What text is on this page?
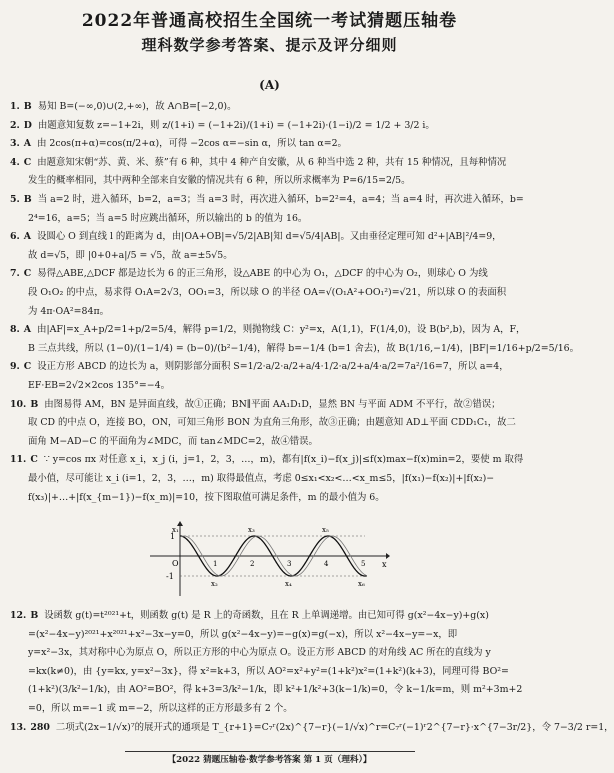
2022年普通高校招生全国统一考试猜题压轴卷
理科数学参考答案、提示及评分细则
(A)
1. B 易知 B=(−∞,0)∪(2,+∞)，故 A∩B=[−2,0)。
2. D 由题意知复数 z=−1+2i，则 z/(1+i) = (−1+2i)/(1+i) = (−1+2i)·(1−i)/2 = 1/2 + 3/2 i。
3. A 由 2cos(π+α)=cos(π/2+α)，可得 −2cos α=−sin α，所以 tan α=2。
4. C 由题意知宋朝“苏、黄、米、蔡”有 6 种，其中 4 种产自安徽，从 6 种当中选 2 种，共有 15 种情况，且每种情况
发生的概率相同，其中两种全部来自安徽的情况共有 6 种，所以所求概率为 P=6/15=2/5。
5. B 当 a=2 时，进入循环，b=2，a=3；当 a=3 时，再次进入循环，b=2²=4，a=4；当 a=4 时，再次进入循环，b=
2⁴=16，a=5；当 a=5 时应跳出循环，所以输出的 b 的值为 16。
6. A 设圆心 O 到直线 l 的距离为 d，由|OA+OB|=√5/2|AB|知 d=√5/4|AB|。又由垂径定理可知 d²+|AB|²/4=9，
故 d=√5，即 |0+0+a|/5 = √5，故 a=±5√5。
7. C 易得△ABE,△DCF 都是边长为 6 的正三角形，设△ABE 的中心为 O₁，△DCF 的中心为 O₂，则球心 O 为线
段 O₁O₂ 的中点，易求得 O₁A=2√3，OO₁=3，所以球 O 的半径 OA=√(O₁A²+OO₁²)=√21，所以球 O 的表面积
为 4π·OA²=84π。
8. A 由|AF|=x_A+p/2=1+p/2=5/4，解得 p=1/2，则抛物线 C：y²=x，A(1,1)，F(1/4,0)，设 B(b²,b)，因为 A，F，
B 三点共线，所以 (1−0)/(1−1/4) = (b−0)/(b²−1/4)，解得 b=−1/4 (b=1 舍去)，故 B(1/16,−1/4)，|BF|=1/16+p/2=5/16。
9. C 设正方形 ABCD 的边长为 a，则阴影部分面积 S=1/2·a/2·a/2+a/4·1/2·a/2+a/4·a/2=7a²/16=7，所以 a=4，
EF·EB=2√2×2cos 135°=−4。
10. B 由图易得 AM，BN 是异面直线，故①正确；BN∥平面 AA₁D₁D，显然 BN 与平面 ADM 不平行，故②错误；
取 CD 的中点 O，连接 BO，ON，可知三角形 BON 为直角三角形，故③正确；由题意知 AD⊥平面 CDD₁C₁，故二
面角 M−AD−C 的平面角为∠MDC，而 tan∠MDC=2，故④错误。
11. C ∵ y=cos πx 对任意 x_i，x_j (i，j=1，2，3，…，m)，都有|f(x_i)−f(x_j)|≤f(x)max−f(x)min=2，要使 m 取得
最小值，尽可能让 x_i (i=1，2，3，…，m) 取得最值点，考虑 0≤x₁<x₂<…<x_m≤5，|f(x₁)−f(x₂)|+|f(x₂)−
f(x₃)|+…+|f(x_{m−1})−f(x_m)|=10，按下图取值可满足条件，m 的最小值为 6。
12. B 设函数 g(t)=t²⁰²¹+t，则函数 g(t) 是 R 上的奇函数，且在 R 上单调递增。由已知可得 g(x²−4x−y)+g(x)
=(x²−4x−y)²⁰²¹+x²⁰²¹+x²−3x−y=0，所以 g(x²−4x−y)=−g(x)=g(−x)，所以 x²−4x−y=−x，即
y=x²−3x，其对称中心为原点 O，所以正方形的中心为原点 O。设正方形 ABCD 的对角线 AC 所在的直线为 y
=kx(k≠0)，由 {y=kx, y=x²−3x}，得 x²=k+3，所以 AO²=x²+y²=(1+k²)x²=(1+k²)(k+3)，同理可得 BO²=
(1+k²)(3/k²−1/k)，由 AO²=BO²，得 k+3=3/k²−1/k，即 k²+1/k²+3(k−1/k)=0，令 k−1/k=m，则 m²+3m+2
=0，所以 m=−1 或 m=−2，所以这样的正方形最多有 2 个。
13. 280 二项式(2x−1/√x)⁷的展开式的通项是 T_{r+1}=C₇ʳ(2x)^{7−r}(−1/√x)^r=C₇ʳ(−1)ʳ2^{7−r}·x^{7−3r/2}，令 7−3/2 r=1，
1
-1
O
x₁
x₂
x₃
x₄
x₅
x₆
1	2	3	4	5 x
【2022 猜题压轴卷·数学参考答案 第 1 页（理科）】
